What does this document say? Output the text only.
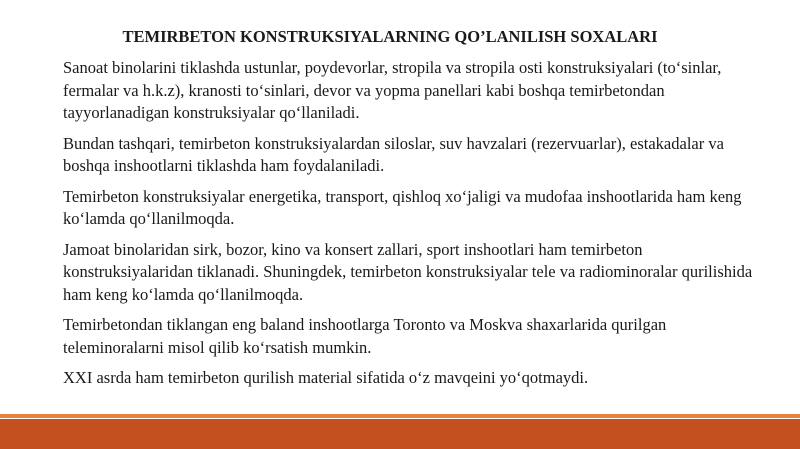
TEMIRBETON KONSTRUKSIYALARNING QO’LANILISH SOXALARI

Sanoat binolarini tiklashda ustunlar, poydevorlar, stropila va stropila osti konstruksiyalari (to‘sinlar, fermalar va h.k.z), kranosti to‘sinlari, devor va yopma panellari kabi boshqa temirbetondan tayyorlanadigan konstruksiyalar qo‘llaniladi.

Bundan tashqari, temirbeton konstruksiyalardan siloslar, suv havzalari (rezervuarlar), estakadalar va boshqa inshootlarni tiklashda ham foydalaniladi.

Temirbeton konstruksiyalar energetika, transport, qishloq xo‘jaligi va mudofaa inshootlarida ham keng ko‘lamda qo‘llanilmoqda.

Jamoat binolaridan sirk, bozor, kino va konsert zallari, sport inshootlari ham temirbeton konstruksiyalaridan tiklanadi. Shuningdek, temirbeton konstruksiyalar tele va radiominoralar qurilishida ham keng ko‘lamda qo‘llanilmoqda.

Temirbetondan tiklangan eng baland inshootlarga Toronto va Moskva shaxarlarida qurilgan teleminoralarni misol qilib ko‘rsatish mumkin.

XXI asrda ham temirbeton qurilish material sifatida o‘z mavqeini yo‘qotmaydi.
